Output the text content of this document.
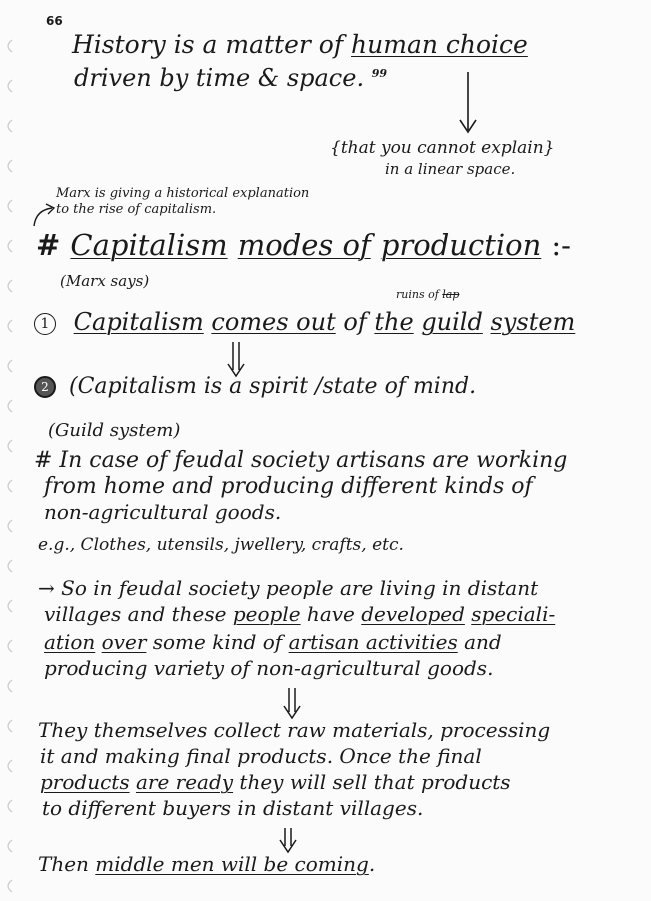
66
History is a matter of human choice
driven by time & space. $^{99}$
{that you cannot explain}
in a linear space.
Marx is giving a historical explanation
to the rise of capitalism.
# Capitalism modes of production :-
(Marx says)
ruins of lap
1 Capitalism comes out of the guild system
2 (Capitalism is a spirit /state of mind.
(Guild system)
# In case of feudal society artisans are working
from home and producing different kinds of
non-agricultural goods.
e.g., Clothes, utensils, jwellery, crafts, etc.
→ So in feudal society people are living in distant
villages and these people have developed speciali-
ation over some kind of artisan activities and
producing variety of non-agricultural goods.
They themselves collect raw materials, processing
it and making final products. Once the final
products are ready they will sell that products
to different buyers in distant villages.
Then middle men will be coming.
